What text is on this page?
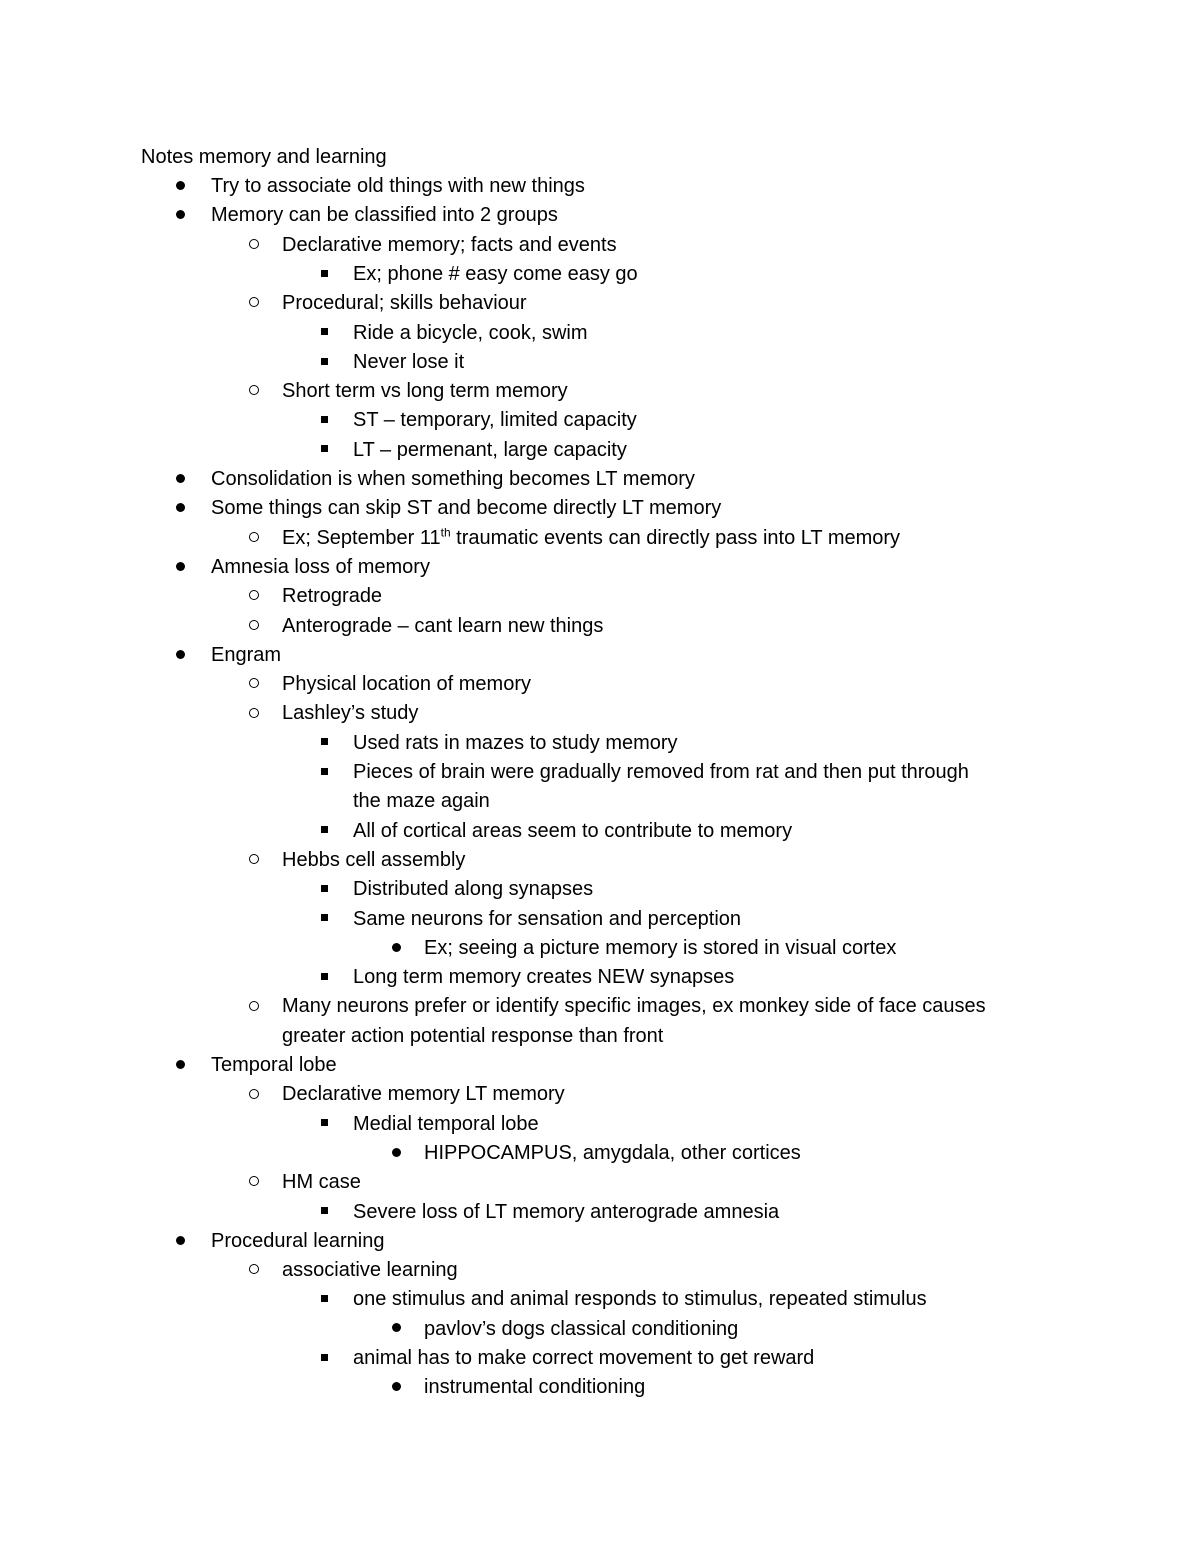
Notes memory and learning
Try to associate old things with new things
Memory can be classified into 2 groups
Declarative memory; facts and events
Ex; phone # easy come easy go
Procedural; skills behaviour
Ride a bicycle, cook, swim
Never lose it
Short term vs long term memory
ST – temporary, limited capacity
LT – permenant, large capacity
Consolidation is when something becomes LT memory
Some things can skip ST and become directly LT memory
Ex; September 11th traumatic events can directly pass into LT memory
Amnesia loss of memory
Retrograde
Anterograde – cant learn new things
Engram
Physical location of memory
Lashley’s study
Used rats in mazes to study memory
Pieces of brain were gradually removed from rat and then put through
the maze again
All of cortical areas seem to contribute to memory
Hebbs cell assembly
Distributed along synapses
Same neurons for sensation and perception
Ex; seeing a picture memory is stored in visual cortex
Long term memory creates NEW synapses
Many neurons prefer or identify specific images, ex monkey side of face causes
greater action potential response than front
Temporal lobe
Declarative memory LT memory
Medial temporal lobe
HIPPOCAMPUS, amygdala, other cortices
HM case
Severe loss of LT memory anterograde amnesia
Procedural learning
associative learning
one stimulus and animal responds to stimulus, repeated stimulus
pavlov’s dogs classical conditioning
animal has to make correct movement to get reward
instrumental conditioning
